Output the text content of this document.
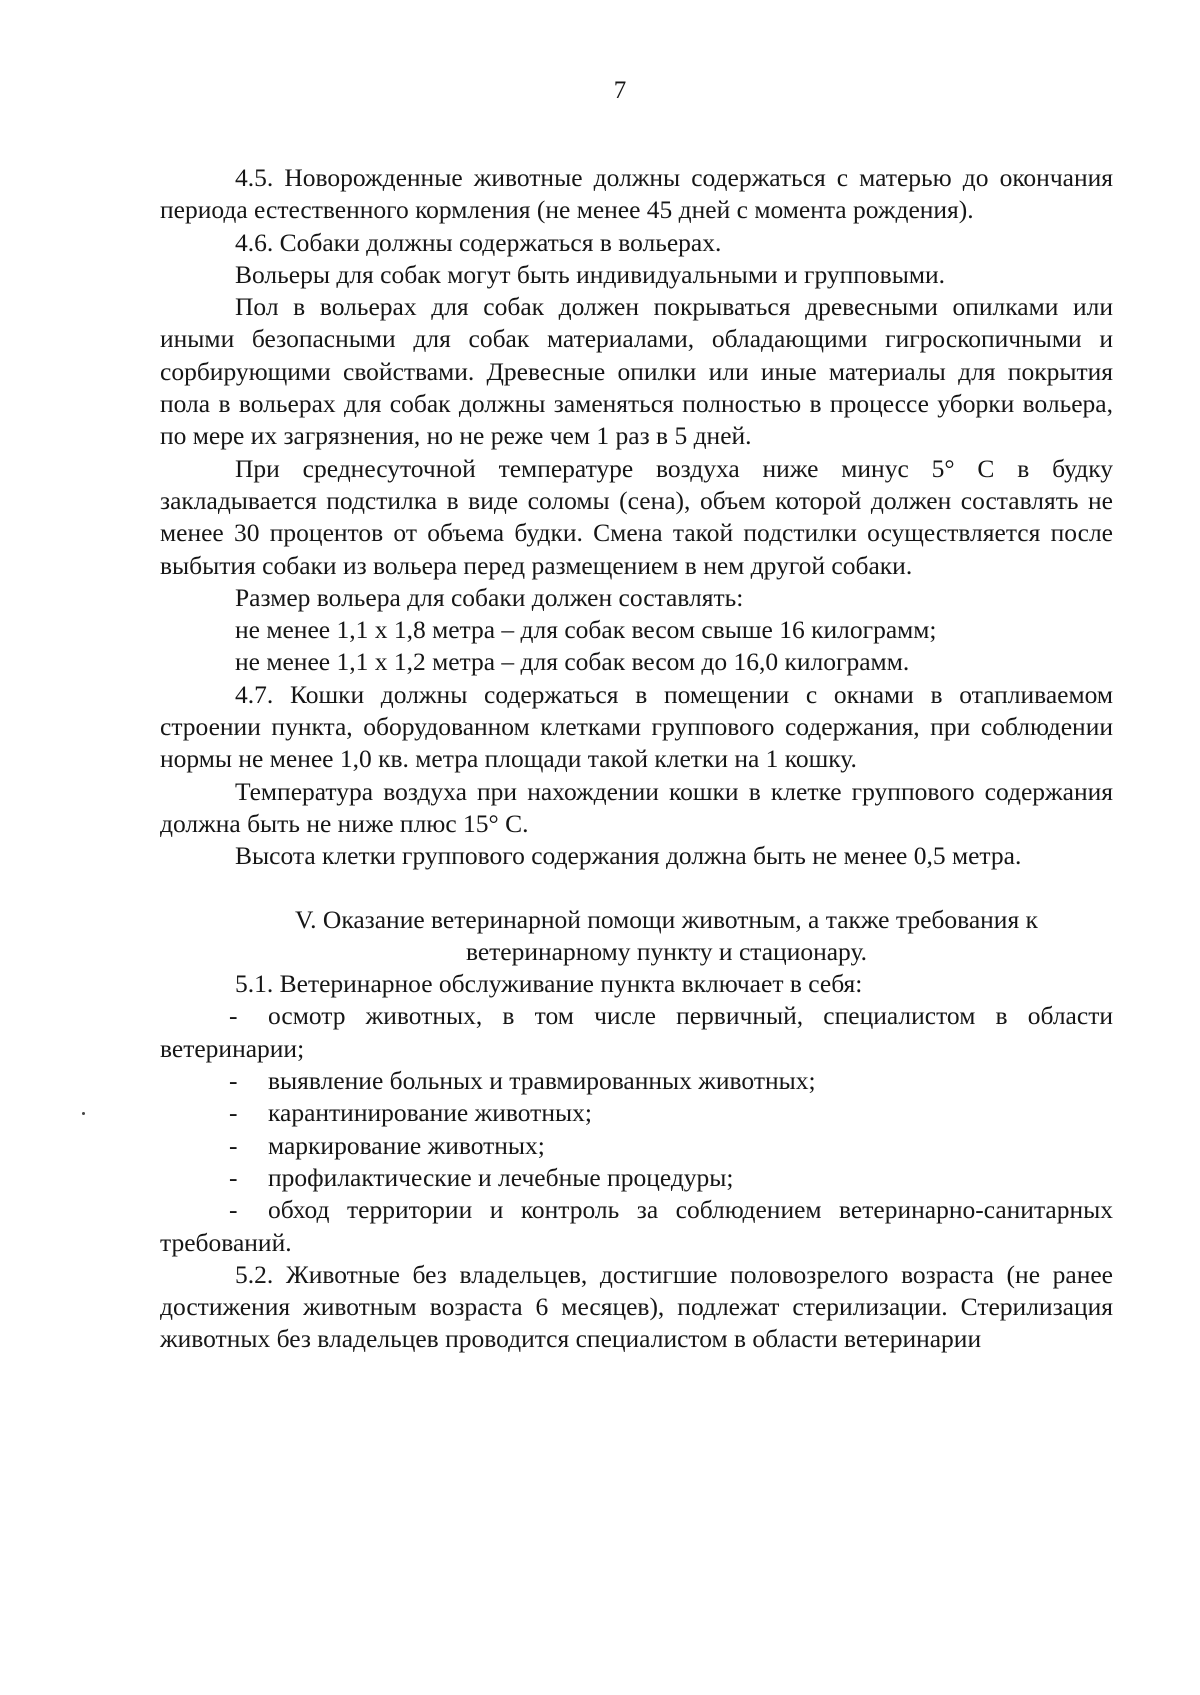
7

4.5. Новорожденные животные должны содержаться с матерью до окончания периода естественного кормления (не менее 45 дней с момента рождения).

4.6. Собаки должны содержаться в вольерах.

Вольеры для собак могут быть индивидуальными и групповыми.

Пол в вольерах для собак должен покрываться древесными опилками или иными безопасными для собак материалами, обладающими гигроскопичными и сорбирующими свойствами. Древесные опилки или иные материалы для покрытия пола в вольерах для собак должны заменяться полностью в процессе уборки вольера, по мере их загрязнения, но не реже чем 1 раз в 5 дней.

При среднесуточной температуре воздуха ниже минус 5° С в будку закладывается подстилка в виде соломы (сена), объем которой должен составлять не менее 30 процентов от объема будки. Смена такой подстилки осуществляется после выбытия собаки из вольера перед размещением в нем другой собаки.

Размер вольера для собаки должен составлять:

не менее 1,1 x 1,8 метра – для собак весом свыше 16 килограмм;

не менее 1,1 x 1,2 метра – для собак весом до 16,0 килограмм.

4.7. Кошки должны содержаться в помещении с окнами в отапливаемом строении пункта, оборудованном клетками группового содержания, при соблюдении нормы не менее 1,0 кв. метра площади такой клетки на 1 кошку.

Температура воздуха при нахождении кошки в клетке группового содержания должна быть не ниже плюс 15° С.

Высота клетки группового содержания должна быть не менее 0,5 метра.

V. Оказание ветеринарной помощи животным, а также требования к

ветеринарному пункту и стационару.

5.1. Ветеринарное обслуживание пункта включает в себя:

- осмотр животных, в том числе первичный, специалистом в области ветеринарии;

-	выявление больных и травмированных животных;

-	карантинирование животных;

-	маркирование животных;

-	профилактические и лечебные процедуры;

- обход территории и контроль за соблюдением ветеринарно-санитарных требований.

5.2. Животные без владельцев, достигшие половозрелого возраста (не ранее достижения животным возраста 6 месяцев), подлежат стерилизации. Стерилизация животных без владельцев проводится специалистом в области ветеринарии
